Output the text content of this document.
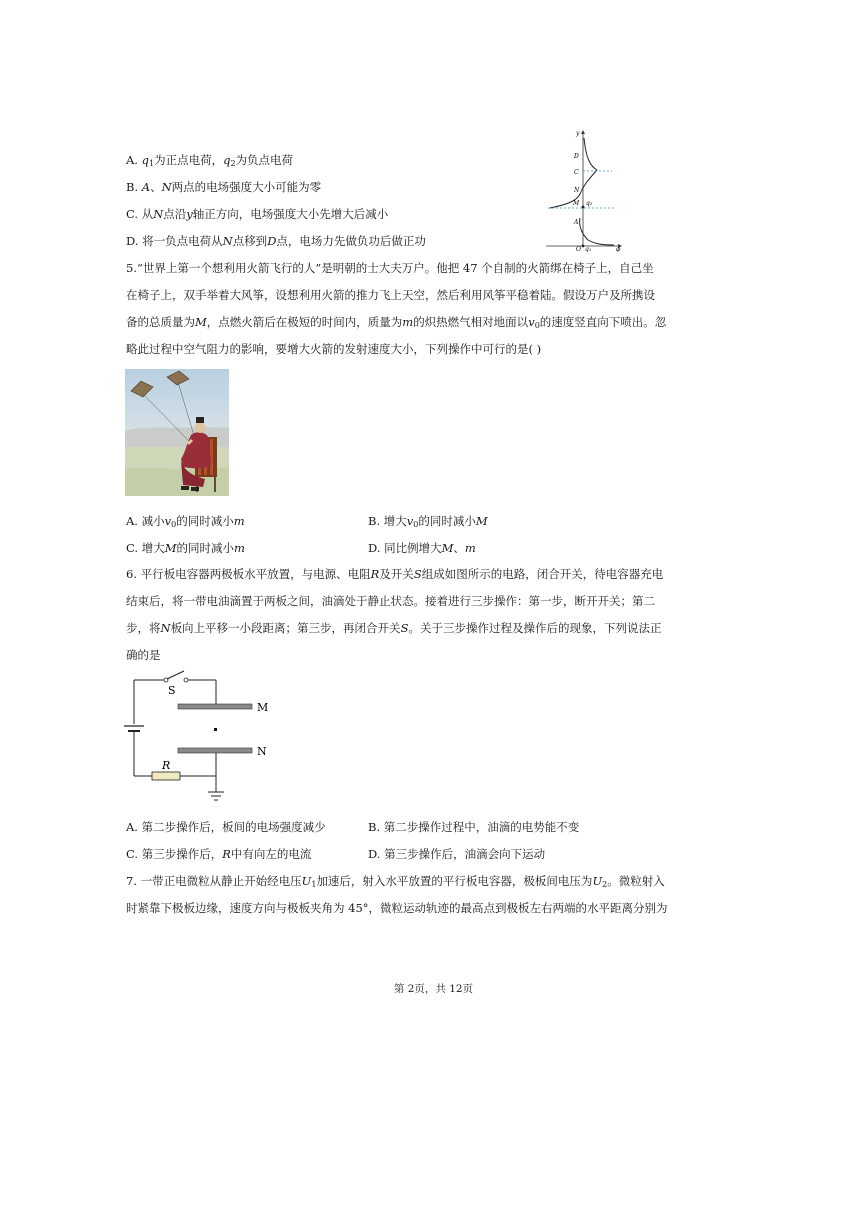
A. $q_1$为正点电荷，$q_2$为负点电荷
B. A、N两点的电场强度大小可能为零
C. 从N点沿y轴正方向，电场强度大小先增大后减小
D. 将一负点电荷从N点移到D点，电场力先做负功后做正功
y
D
C
N
M
A
q₂
O q₁	φ
5.“世界上第一个想利用火箭飞行的人”是明朝的士大夫万户。他把 47 个自制的火箭绑在椅子上，自己坐
在椅子上，双手举着大风筝，设想利用火箭的推力飞上天空，然后利用风筝平稳着陆。假设万户及所携设
备的总质量为M，点燃火箭后在极短的时间内，质量为m的炽热燃气相对地面以$v_0$的速度竖直向下喷出。忽
略此过程中空气阻力的影响，要增大火箭的发射速度大小，下列操作中可行的是( )
A. 减小$v_0$的同时减小m	B. 增大$v_0$的同时减小M
C. 增大M的同时减小m	D. 同比例增大M、m
6. 平行板电容器两极板水平放置，与电源、电阻R及开关S组成如图所示的电路，闭合开关，待电容器充电
结束后，将一带电油滴置于两板之间，油滴处于静止状态。接着进行三步操作：第一步，断开开关；第二
步，将N板向上平移一小段距离；第三步，再闭合开关S。关于三步操作过程及操作后的现象，下列说法正
确的是
S
M
N
R
A. 第二步操作后，板间的电场强度减少	B. 第二步操作过程中，油滴的电势能不变
C. 第三步操作后，R中有向左的电流	D. 第三步操作后，油滴会向下运动
7. 一带正电微粒从静止开始经电压$U_1$加速后，射入水平放置的平行板电容器，极板间电压为$U_2$。微粒射入
时紧靠下极板边缘，速度方向与极板夹角为 45°，微粒运动轨迹的最高点到极板左右两端的水平距离分别为
第 2页，共 12页
